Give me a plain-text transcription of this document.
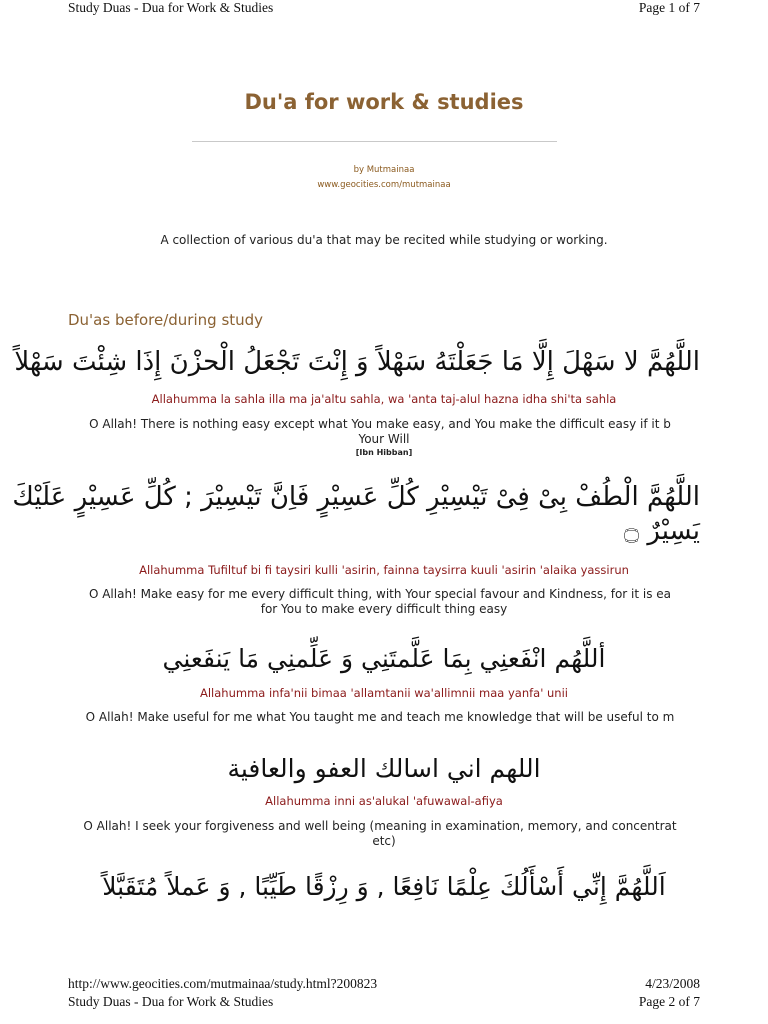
Study Duas - Dua for Work & Studies	Page 1 of 7
Du'a for work & studies
by Mutmainaa
www.geocities.com/mutmainaa
A collection of various du'a that may be recited while studying or working.
Du'as before/during study
اللَّهُمَّ لا سَهْلَ إِلَّا مَا جَعَلْتَهُ سَهْلاً وَ إِنْتَ تَجْعَلُ الْحزْنَ إِذَا شِئْتَ سَهْلاً
Allahumma la sahla illa ma ja'altu sahla, wa 'anta taj-alul hazna idha shi'ta sahla
O Allah! There is nothing easy except what You make easy, and You make the difficult easy if it b
Your Will
[Ibn Hibban]
اللَّهُمَّ الْطُفْ بِىْ فِىْ تَيْسِيْرِ كُلِّ عَسِيْرٍ فَاِنَّ تَيْسِيْرَ ; كُلِّ عَسِيْرٍ عَلَيْكَ
يَسِيْرٌ ۝
Allahumma Tufiltuf bi fi taysiri kulli 'asirin, fainna taysirra kuuli 'asirin 'alaika yassirun
O Allah! Make easy for me every difficult thing, with Your special favour and Kindness, for it is ea
for You to make every difficult thing easy
أللَّهُم انْفَعنِي بِمَا عَلَّمتَنِي وَ عَلِّمنِي مَا يَنفَعنِي
Allahumma infa'nii bimaa 'allamtanii wa'allimnii maa yanfa' unii
O Allah! Make useful for me what You taught me and teach me knowledge that will be useful to m
اللهم اني اسالك العفو والعافية
Allahumma inni as'alukal 'afuwawal-afiya
O Allah! I seek your forgiveness and well being (meaning in examination, memory, and concentrat
etc)
اَللَّهُمَّ إِنِّي أَسْأَلُكَ عِلْمًا نَافِعًا , وَ رِزْقًا طَيِّبًا , وَ عَملاً مُتَقَبَّلاً
http://www.geocities.com/mutmainaa/study.html?200823	4/23/2008
Study Duas - Dua for Work & Studies	Page 2 of 7
